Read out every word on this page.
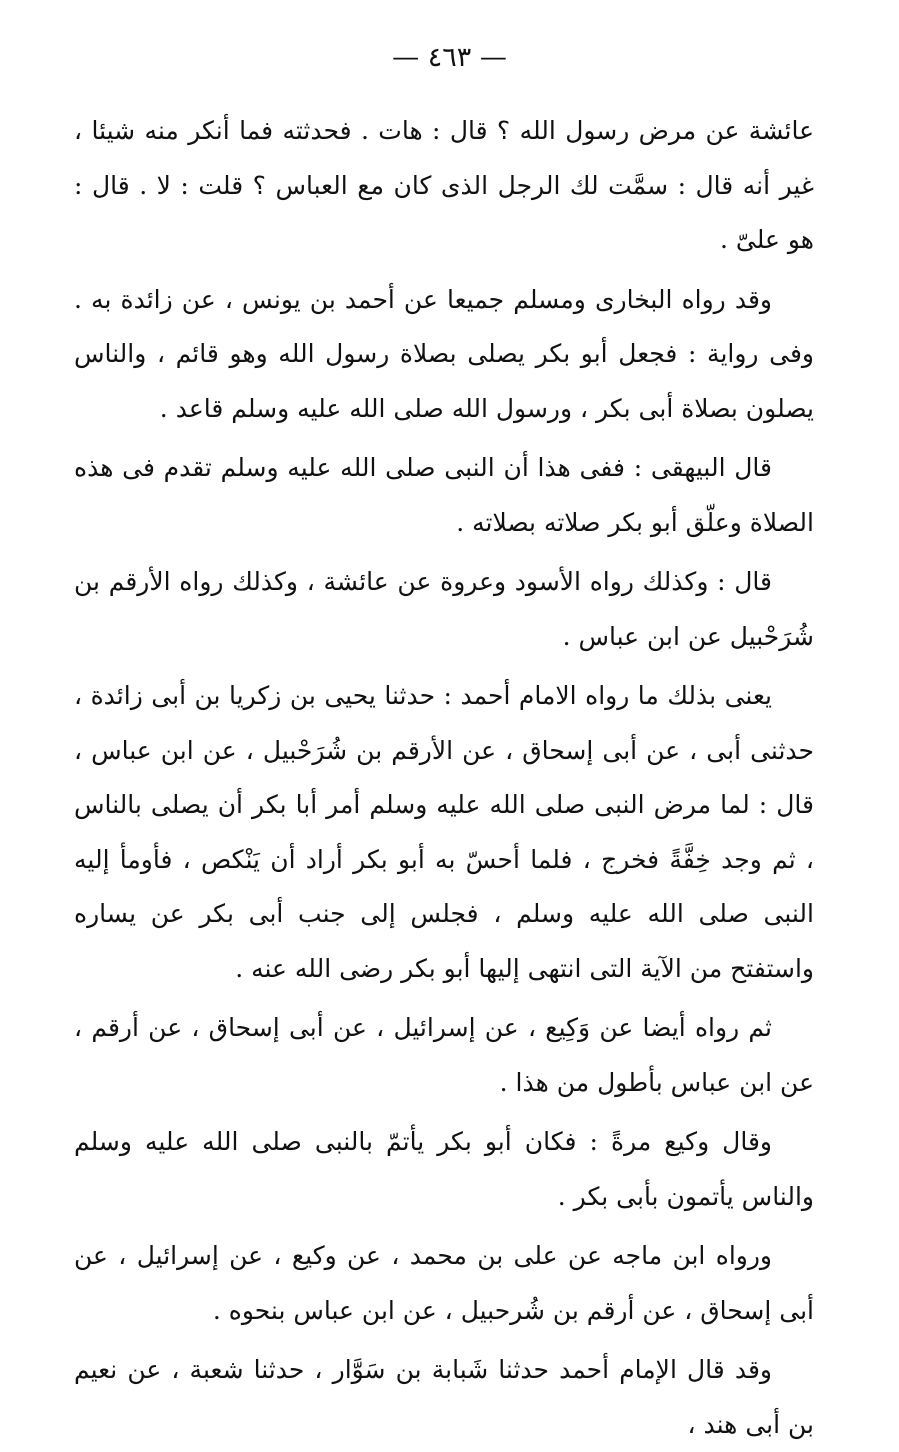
— ٤٦٣ —

عائشة عن مرض رسول الله ؟ قال : هات . فحدثته فما أنكر منه شيئا ، غير أنه قال : سمَّت لك الرجل الذى كان مع العباس ؟ قلت : لا . قال : هو علىّ .

وقد رواه البخارى ومسلم جميعا عن أحمد بن يونس ، عن زائدة به . وفى رواية : فجعل أبو بكر يصلى بصلاة رسول الله وهو قائم ، والناس يصلون بصلاة أبى بكر ، ورسول الله صلى الله عليه وسلم قاعد .

قال البيهقى : ففى هذا أن النبى صلى الله عليه وسلم تقدم فى هذه الصلاة وعلّق أبو بكر صلاته بصلاته .

قال : وكذلك رواه الأسود وعروة عن عائشة ، وكذلك رواه الأرقم بن شُرَحْبيل عن ابن عباس .

يعنى بذلك ما رواه الامام أحمد : حدثنا يحيى بن زكريا بن أبى زائدة ، حدثنى أبى ، عن أبى إسحاق ، عن الأرقم بن شُرَحْبيل ، عن ابن عباس ، قال : لما مرض النبى صلى الله عليه وسلم أمر أبا بكر أن يصلى بالناس ، ثم وجد خِفَّةً فخرج ، فلما أحسّ به أبو بكر أراد أن يَنْكص ، فأومأ إليه النبى صلى الله عليه وسلم ، فجلس إلى جنب أبى بكر عن يساره واستفتح من الآية التى انتهى إليها أبو بكر رضى الله عنه .

ثم رواه أيضا عن وَكِيع ، عن إسرائيل ، عن أبى إسحاق ، عن أرقم ، عن ابن عباس بأطول من هذا .

وقال وكيع مرةً : فكان أبو بكر يأتمّ بالنبى صلى الله عليه وسلم والناس يأتمون بأبى بكر .

ورواه ابن ماجه عن على بن محمد ، عن وكيع ، عن إسرائيل ، عن أبى إسحاق ، عن أرقم بن شُرحبيل ، عن ابن عباس بنحوه .

وقد قال الإمام أحمد حدثنا شَبابة بن سَوَّار ، حدثنا شعبة ، عن نعيم بن أبى هند ،
